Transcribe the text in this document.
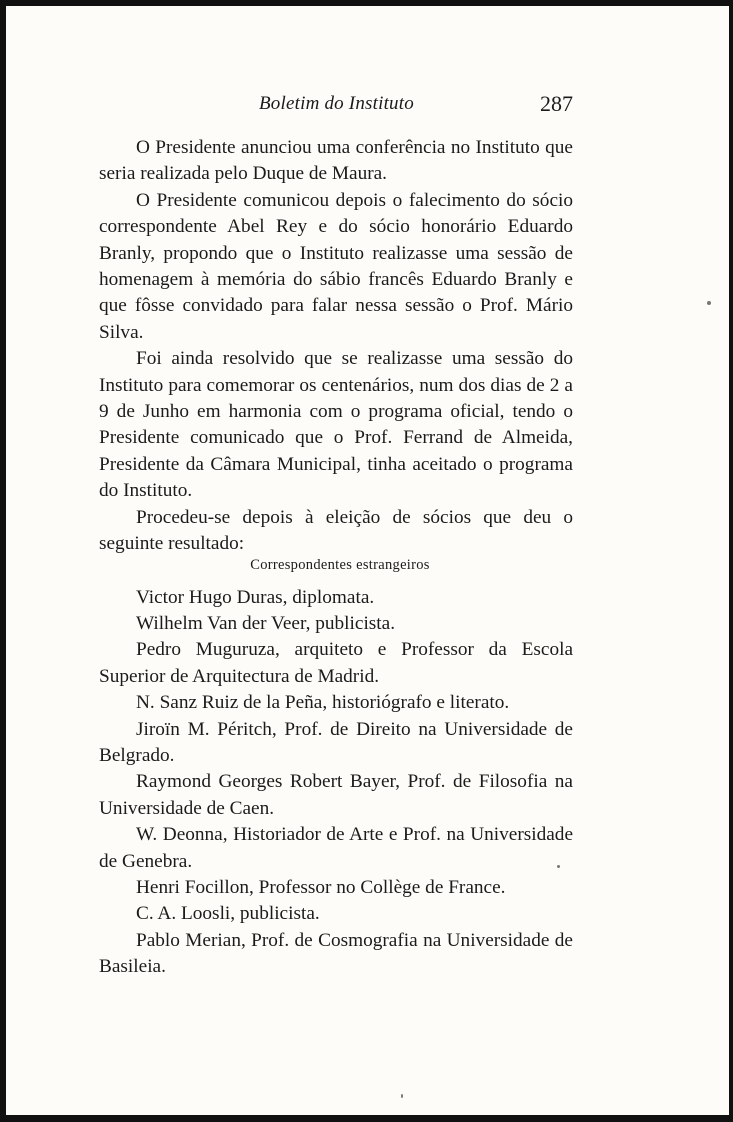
Boletim do Instituto	287

O Presidente anunciou uma conferência no Instituto que seria realizada pelo Duque de Maura.

O Presidente comunicou depois o falecimento do sócio correspondente Abel Rey e do sócio honorário Eduardo Branly, propondo que o Instituto realizasse uma sessão de homenagem à memória do sábio francês Eduardo Branly e que fôsse convidado para falar nessa sessão o Prof. Mário Silva.

Foi ainda resolvido que se realizasse uma sessão do Instituto para comemorar os centenários, num dos dias de 2 a 9 de Junho em harmonia com o programa oficial, tendo o Presidente comunicado que o Prof. Ferrand de Almeida, Presidente da Câmara Municipal, tinha aceitado o programa do Instituto.

Procedeu-se depois à eleição de sócios que deu o seguinte resultado:

Correspondentes estrangeiros

Victor Hugo Duras, diplomata.

Wilhelm Van der Veer, publicista.

Pedro Muguruza, arquiteto e Professor da Escola Superior de Arquitectura de Madrid.

N. Sanz Ruiz de la Peña, historiógrafo e literato.

Jiroïn M. Péritch, Prof. de Direito na Universidade de Belgrado.

Raymond Georges Robert Bayer, Prof. de Filosofia na Universidade de Caen.

W. Deonna, Historiador de Arte e Prof. na Universidade de Genebra.

Henri Focillon, Professor no Collège de France.

C. A. Loosli, publicista.

Pablo Merian, Prof. de Cosmografia na Universidade de Basileia.
